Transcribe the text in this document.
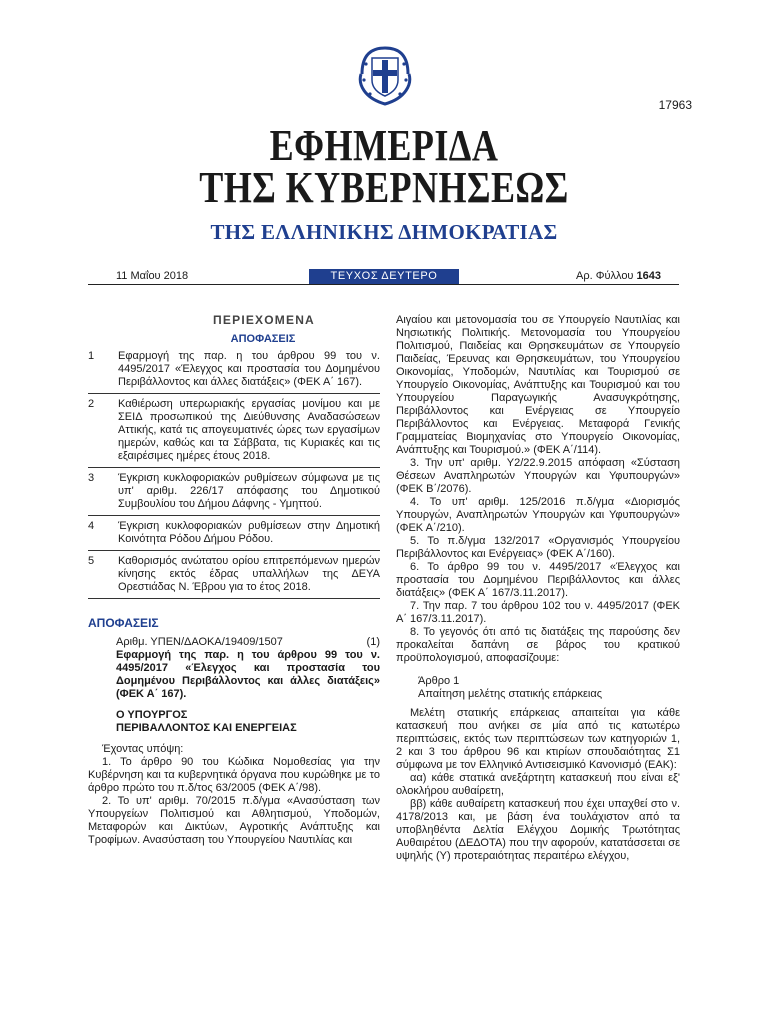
17963
ΕΦΗΜΕΡΙΔΑ
ΤΗΣ ΚΥΒΕΡΝΗΣΕΩΣ
ΤΗΣ ΕΛΛΗΝΙΚΗΣ ΔΗΜΟΚΡΑΤΙΑΣ
11 Μαΐου 2018	ΤΕΥΧΟΣ ΔΕΥΤΕΡΟ	Αρ. Φύλλου 1643
ΠΕΡΙΕΧΟΜΕΝΑ
ΑΠΟΦΑΣΕΙΣ
1 Εφαρμογή της παρ. η του άρθρου 99 του ν. 4495/2017 «Έλεγχος και προστασία του Δομημένου Περιβάλλοντος και άλλες διατάξεις» (ΦΕΚ Α΄ 167).
2 Καθιέρωση υπερωριακής εργασίας μονίμου και με ΣΕΙΔ προσωπικού της Διεύθυνσης Αναδασώσεων Αττικής, κατά τις απογευματινές ώρες των εργασίμων ημερών, καθώς και τα Σάββατα, τις Κυριακές και τις εξαιρέσιμες ημέρες έτους 2018.
3 Έγκριση κυκλοφοριακών ρυθμίσεων σύμφωνα με τις υπ' αριθμ. 226/17 απόφασης του Δημοτικού Συμβουλίου του Δήμου Δάφνης - Υμηττού.
4 Έγκριση κυκλοφοριακών ρυθμίσεων στην Δημοτική Κοινότητα Ρόδου Δήμου Ρόδου.
5 Καθορισμός ανώτατου ορίου επιτρεπόμενων ημερών κίνησης εκτός έδρας υπαλλήλων της ΔΕΥΑ Ορεστιάδας Ν. Έβρου για το έτος 2018.
ΑΠΟΦΑΣΕΙΣ
Αριθμ. ΥΠΕΝ/ΔΑΟΚΑ/19409/1507	(1)
Εφαρμογή της παρ. η του άρθρου 99 του ν. 4495/2017 «Έλεγχος και προστασία του Δομημένου Περιβάλλοντος και άλλες διατάξεις» (ΦΕΚ Α΄ 167).
Ο ΥΠΟΥΡΓΟΣ
ΠΕΡΙΒΑΛΛΟΝΤΟΣ ΚΑΙ ΕΝΕΡΓΕΙΑΣ

Έχοντας υπόψη:

1. Το άρθρο 90 του Κώδικα Νομοθεσίας για την Κυβέρνηση και τα κυβερνητικά όργανα που κυρώθηκε με το άρθρο πρώτο του π.δ/τος 63/2005 (ΦΕΚ Α΄/98).

2. Το υπ' αριθμ. 70/2015 π.δ/γμα «Ανασύσταση των Υπουργείων Πολιτισμού και Αθλητισμού, Υποδομών, Μεταφορών και Δικτύων, Αγροτικής Ανάπτυξης και Τροφίμων. Ανασύσταση του Υπουργείου Ναυτιλίας και

Αιγαίου και μετονομασία του σε Υπουργείο Ναυτιλίας και Νησιωτικής Πολιτικής. Μετονομασία του Υπουργείου Πολιτισμού, Παιδείας και Θρησκευμάτων σε Υπουργείο Παιδείας, Έρευνας και Θρησκευμάτων, του Υπουργείου Οικονομίας, Υποδομών, Ναυτιλίας και Τουρισμού σε Υπουργείο Οικονομίας, Ανάπτυξης και Τουρισμού και του Υπουργείου Παραγωγικής Ανασυγκρότησης, Περιβάλλοντος και Ενέργειας σε Υπουργείο Περιβάλλοντος και Ενέργειας. Μεταφορά Γενικής Γραμματείας Βιομηχανίας στο Υπουργείο Οικονομίας, Ανάπτυξης και Τουρισμού.» (ΦΕΚ Α΄/114).

3. Την υπ' αριθμ. Υ2/22.9.2015 απόφαση «Σύσταση Θέσεων Αναπληρωτών Υπουργών και Υφυπουργών» (ΦΕΚ Β΄/2076).

4. Το υπ' αριθμ. 125/2016 π.δ/γμα «Διορισμός Υπουργών, Αναπληρωτών Υπουργών και Υφυπουργών» (ΦΕΚ Α΄/210).

5. Το π.δ/γμα 132/2017 «Οργανισμός Υπουργείου Περιβάλλοντος και Ενέργειας» (ΦΕΚ Α΄/160).

6. Το άρθρο 99 του ν. 4495/2017 «Έλεγχος και προστασία του Δομημένου Περιβάλλοντος και άλλες διατάξεις» (ΦΕΚ Α΄ 167/3.11.2017).

7. Την παρ. 7 του άρθρου 102 του ν. 4495/2017 (ΦΕΚ Α΄ 167/3.11.2017).

8. Το γεγονός ότι από τις διατάξεις της παρούσης δεν προκαλείται δαπάνη σε βάρος του κρατικού προϋπολογισμού, αποφασίζουμε:

Άρθρο 1
Απαίτηση μελέτης στατικής επάρκειας

Μελέτη στατικής επάρκειας απαιτείται για κάθε κατασκευή που ανήκει σε μία από τις κατωτέρω περιπτώσεις, εκτός των περιπτώσεων των κατηγοριών 1, 2 και 3 του άρθρου 96 και κτιρίων σπουδαιότητας Σ1 σύμφωνα με τον Ελληνικό Αντισεισμικό Κανονισμό (ΕΑΚ):

αα) κάθε στατικά ανεξάρτητη κατασκευή που είναι εξ' ολοκλήρου αυθαίρετη,

ββ) κάθε αυθαίρετη κατασκευή που έχει υπαχθεί στο ν. 4178/2013 και, με βάση ένα τουλάχιστον από τα υποβληθέντα Δελτία Ελέγχου Δομικής Τρωτότητας Αυθαιρέτου (ΔΕΔΟΤΑ) που την αφορούν, κατατάσσεται σε υψηλής (Υ) προτεραιότητας περαιτέρω ελέγχου,
